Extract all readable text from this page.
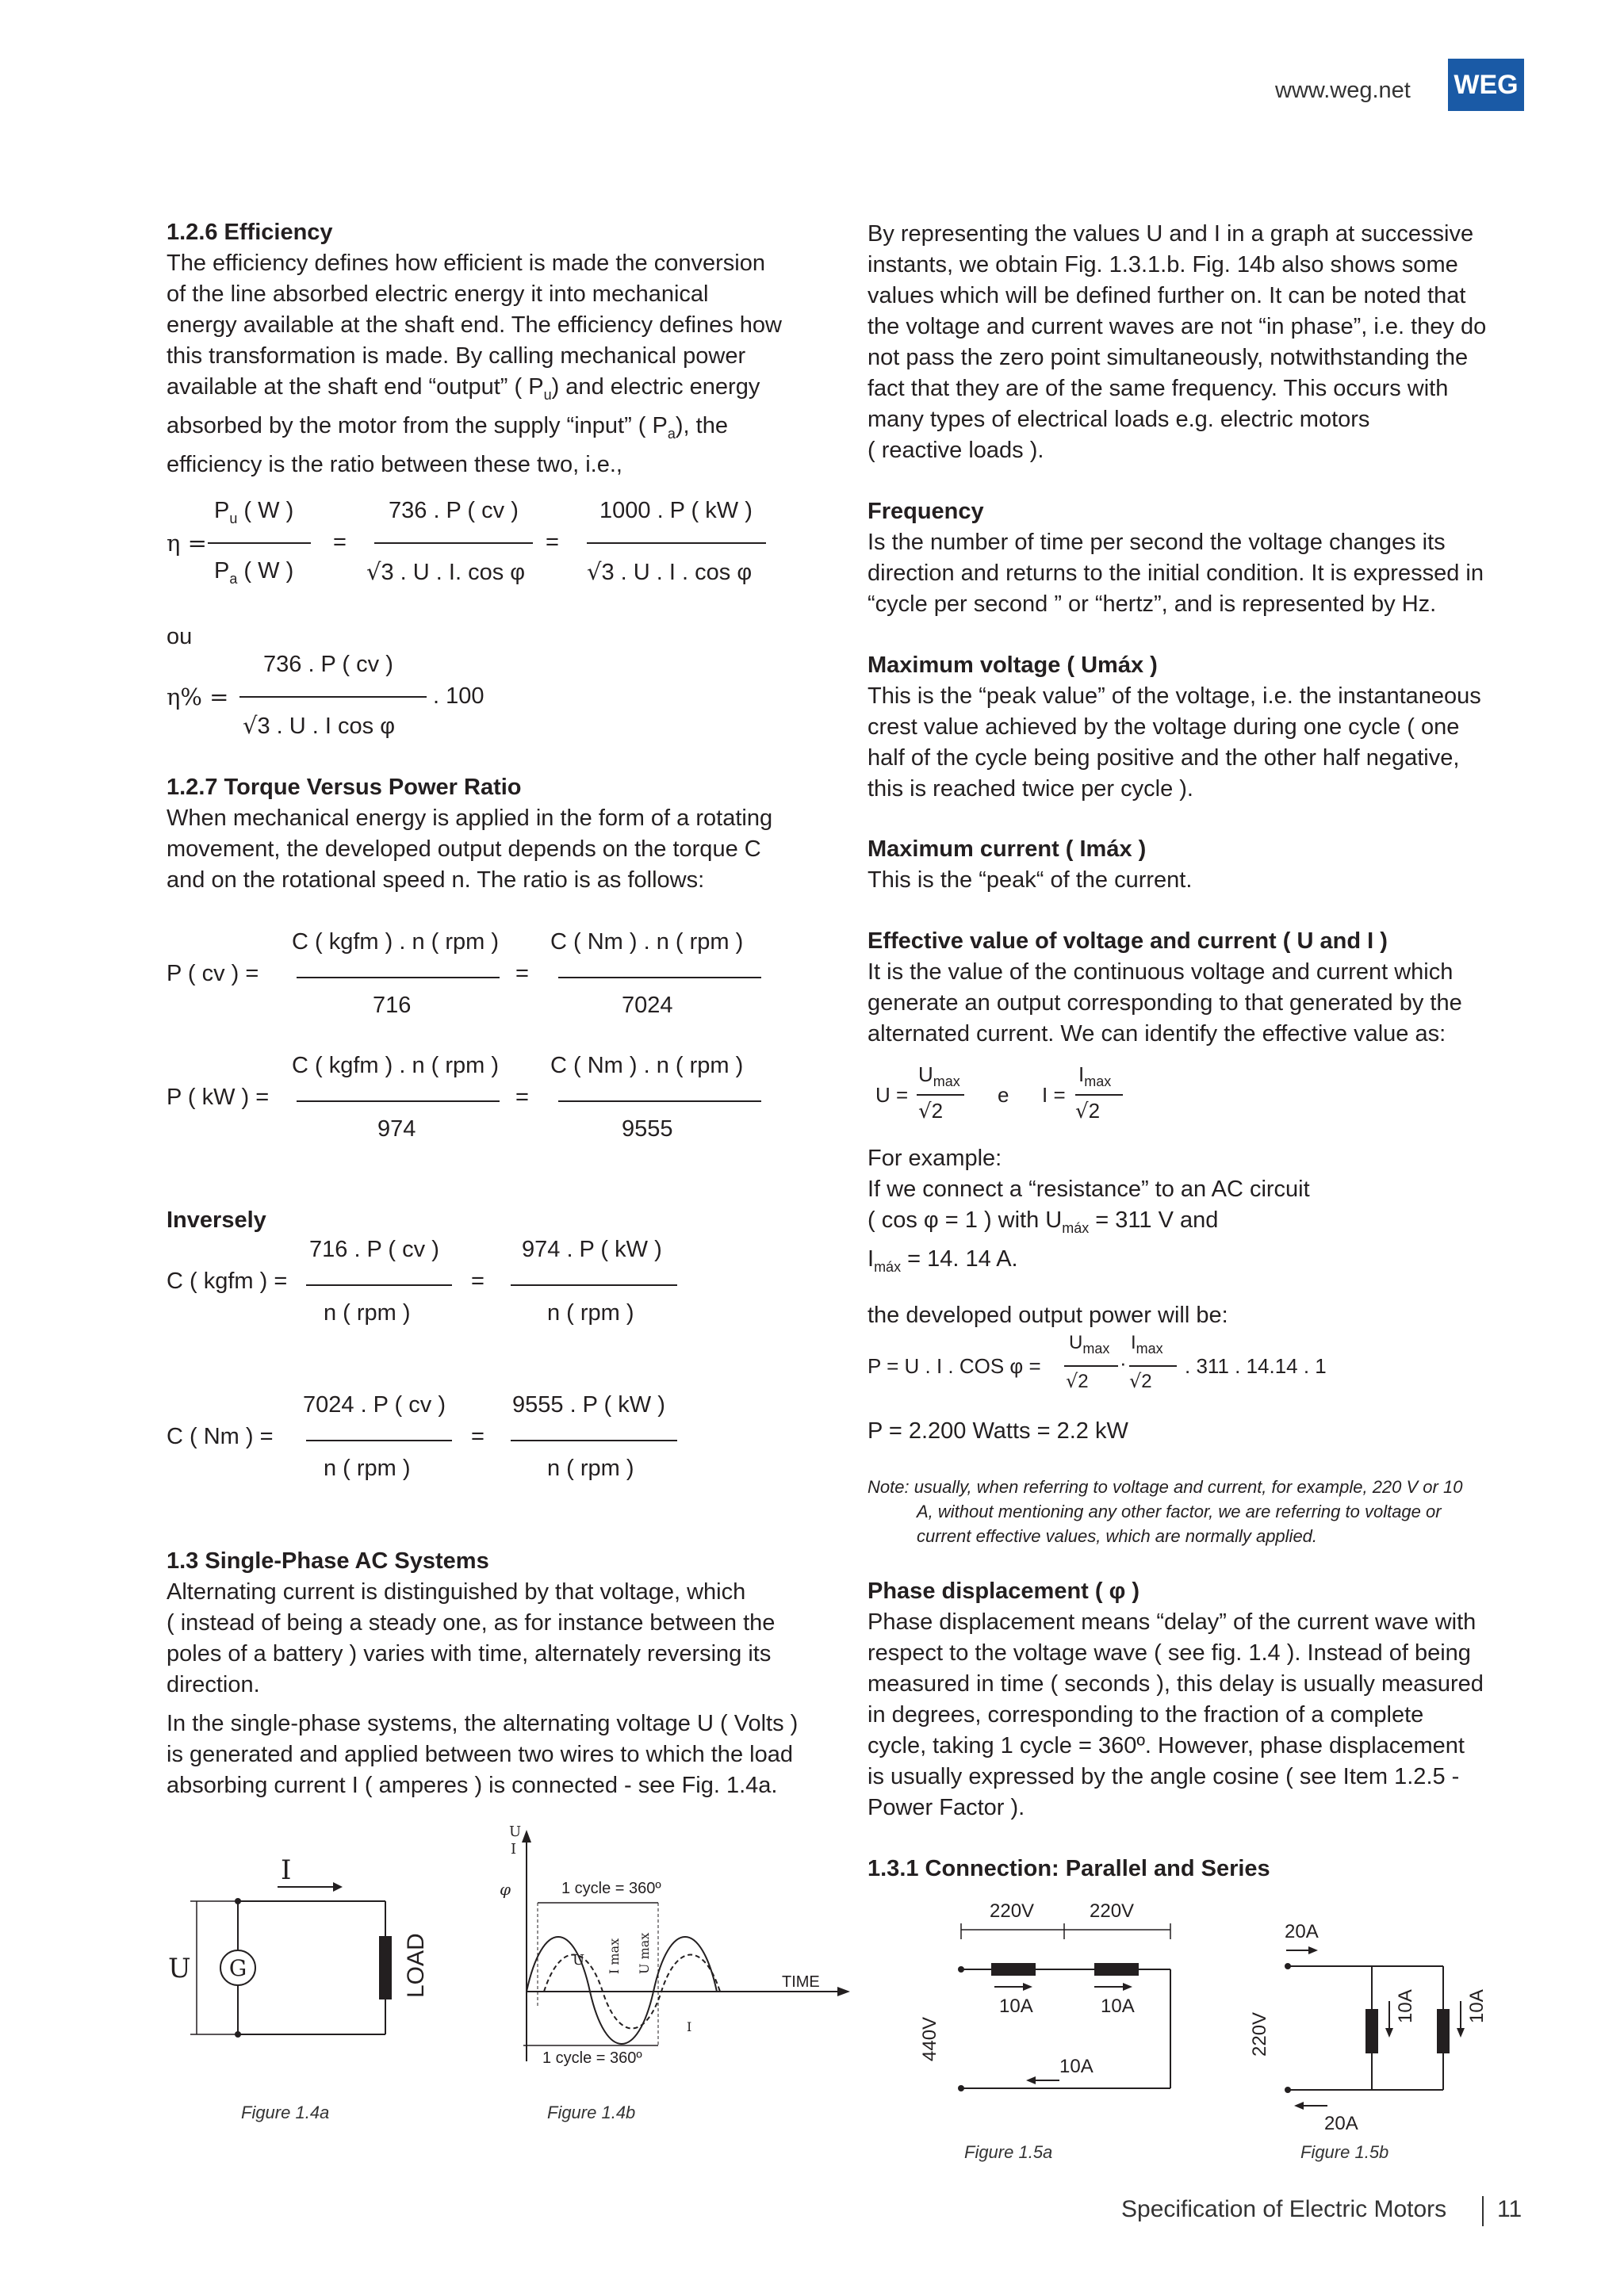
www.weg.net WEG

1.2.6 Efficiency

The efficiency defines how efficient is made the conversion

of the line absorbed electric energy it into mechanical

energy available at the shaft end. The efficiency defines how

this transformation is made. By calling mechanical power

available at the shaft end “output” ( $P_u$) and electric energy

absorbed by the motor from the supply “input” ( $P_a$), the

efficiency is the ratio between these two, i.e.,

η =
$P_u$ ( W )
$P_a$ ( W )
=
736 . P ( cv )
√3 . U . I. cos φ
=
1000 . P ( kW )
√3 . U . I . cos φ
ou
η% =
736 . P ( cv )
√3 . U . I cos φ
. 100

1.2.7 Torque Versus Power Ratio

When mechanical energy is applied in the form of a rotating

movement, the developed output depends on the torque C

and on the rotational speed n. The ratio is as follows:

P ( cv ) =
C ( kgfm ) . n ( rpm )
716
=
C ( Nm ) . n ( rpm )
7024
P ( kW ) =
C ( kgfm ) . n ( rpm )
974
=
C ( Nm ) . n ( rpm )
9555
Inversely
C ( kgfm ) =
716 . P ( cv )
n ( rpm )
=
974 . P ( kW )
n ( rpm )
C ( Nm ) =
7024 . P ( cv )
n ( rpm )
=
9555 . P ( kW )
n ( rpm )

1.3 Single-Phase AC Systems

Alternating current is distinguished by that voltage, which

( instead of being a steady one, as for instance between the

poles of a battery ) varies with time, alternately reversing its

direction.

In the single-phase systems, the alternating voltage U ( Volts )

is generated and applied between two wires to which the load

absorbing current I ( amperes ) is connected - see Fig. 1.4a.

I
U G	LOAD
Figure 1.4a
U
I
φ	1 cycle = 360º
1 cycle = 360º
U I max U max
TIME
I
Figure 1.4b

By representing the values U and I in a graph at successive

instants, we obtain Fig. 1.3.1.b. Fig. 14b also shows some

values which will be defined further on. It can be noted that

the voltage and current waves are not “in phase”, i.e. they do

not pass the zero point simultaneously, notwithstanding the

fact that they are of the same frequency. This occurs with

many types of electrical loads e.g. electric motors

( reactive loads ).

Frequency

Is the number of time per second the voltage changes its

direction and returns to the initial condition. It is expressed in

“cycle per second ” or “hertz”, and is represented by Hz.

Maximum voltage ( Umáx )

This is the “peak value” of the voltage, i.e. the instantaneous

crest value achieved by the voltage during one cycle ( one

half of the cycle being positive and the other half negative,

this is reached twice per cycle ).

Maximum current ( Imáx )

This is the “peak“ of the current.

Effective value of voltage and current ( U and I )

It is the value of the continuous voltage and current which

generate an output corresponding to that generated by the

alternated current. We can identify the effective value as:

U =
$U_{max}$
√2
e I =
$I_{max}$
√2

For example:

If we connect a “resistance” to an AC circuit

( cos φ = 1 ) with $U_{máx} = 311$ V and

$I_{máx} = 14$. 14 A.

the developed output power will be:

P = U . I . COS φ =
$U_{max}$
√2
·
$I_{max}$
√2
. 311 . 14.14 . 1
P = 2.200 Watts = 2.2 kW

Note: usually, when referring to voltage and current, for example, 220 V or 10

A, without mentioning any other factor, we are referring to voltage or

current effective values, which are normally applied.

Phase displacement ( φ )

Phase displacement means “delay” of the current wave with

respect to the voltage wave ( see fig. 1.4 ). Instead of being

measured in time ( seconds ), this delay is usually measured

in degrees, corresponding to the fraction of a complete

cycle, taking 1 cycle = 360º. However, phase displacement

is usually expressed by the angle cosine ( see Item 1.2.5 -

Power Factor ).

1.3.1 Connection: Parallel and Series
220V	220V
10A	10A
440V
10A
Figure 1.5a
20A
10A	10A
220V
20A
Figure 1.5b
Specification of Electric Motors 11
